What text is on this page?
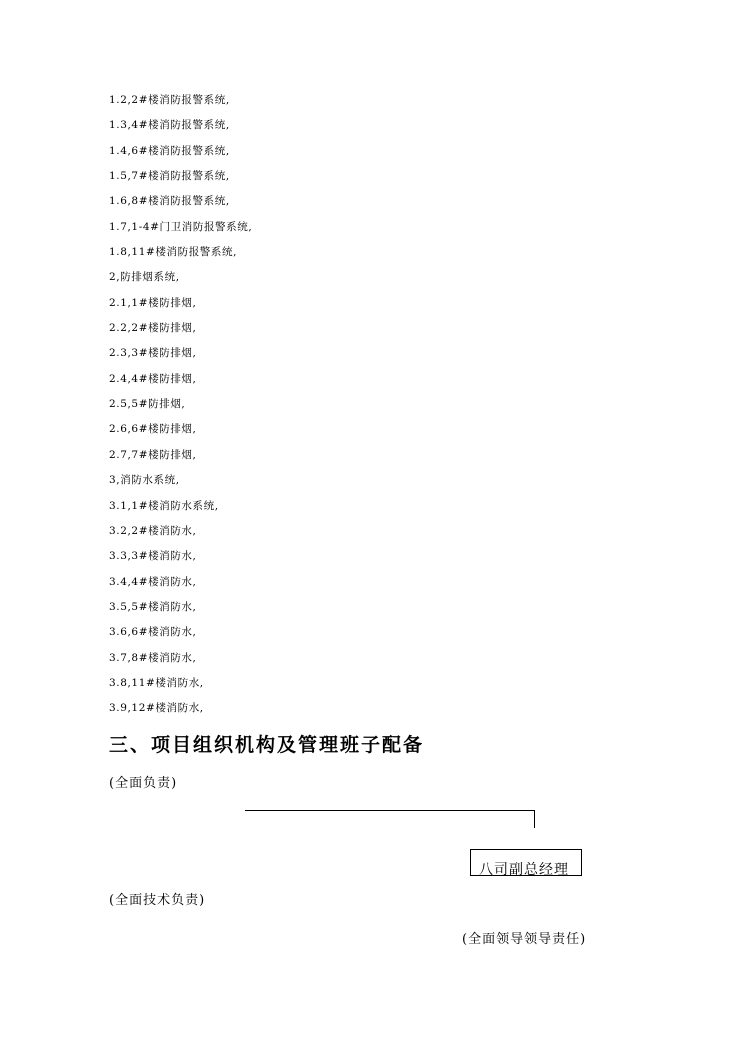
1.2,2#楼消防报警系统,
1.3,4#楼消防报警系统,
1.4,6#楼消防报警系统,
1.5,7#楼消防报警系统,
1.6,8#楼消防报警系统,
1.7,1-4#门卫消防报警系统,
1.8,11#楼消防报警系统,
2,防排烟系统,
2.1,1#楼防排烟,
2.2,2#楼防排烟,
2.3,3#楼防排烟,
2.4,4#楼防排烟,
2.5,5#防排烟,
2.6,6#楼防排烟,
2.7,7#楼防排烟,
3,消防水系统,
3.1,1#楼消防水系统,
3.2,2#楼消防水,
3.3,3#楼消防水,
3.4,4#楼消防水,
3.5,5#楼消防水,
3.6,6#楼消防水,
3.7,8#楼消防水,
3.8,11#楼消防水,
3.9,12#楼消防水,
三、项目组织机构及管理班子配备
(全面负责)
八司副总经理
(全面技术负责)
(全面领导领导责任)
